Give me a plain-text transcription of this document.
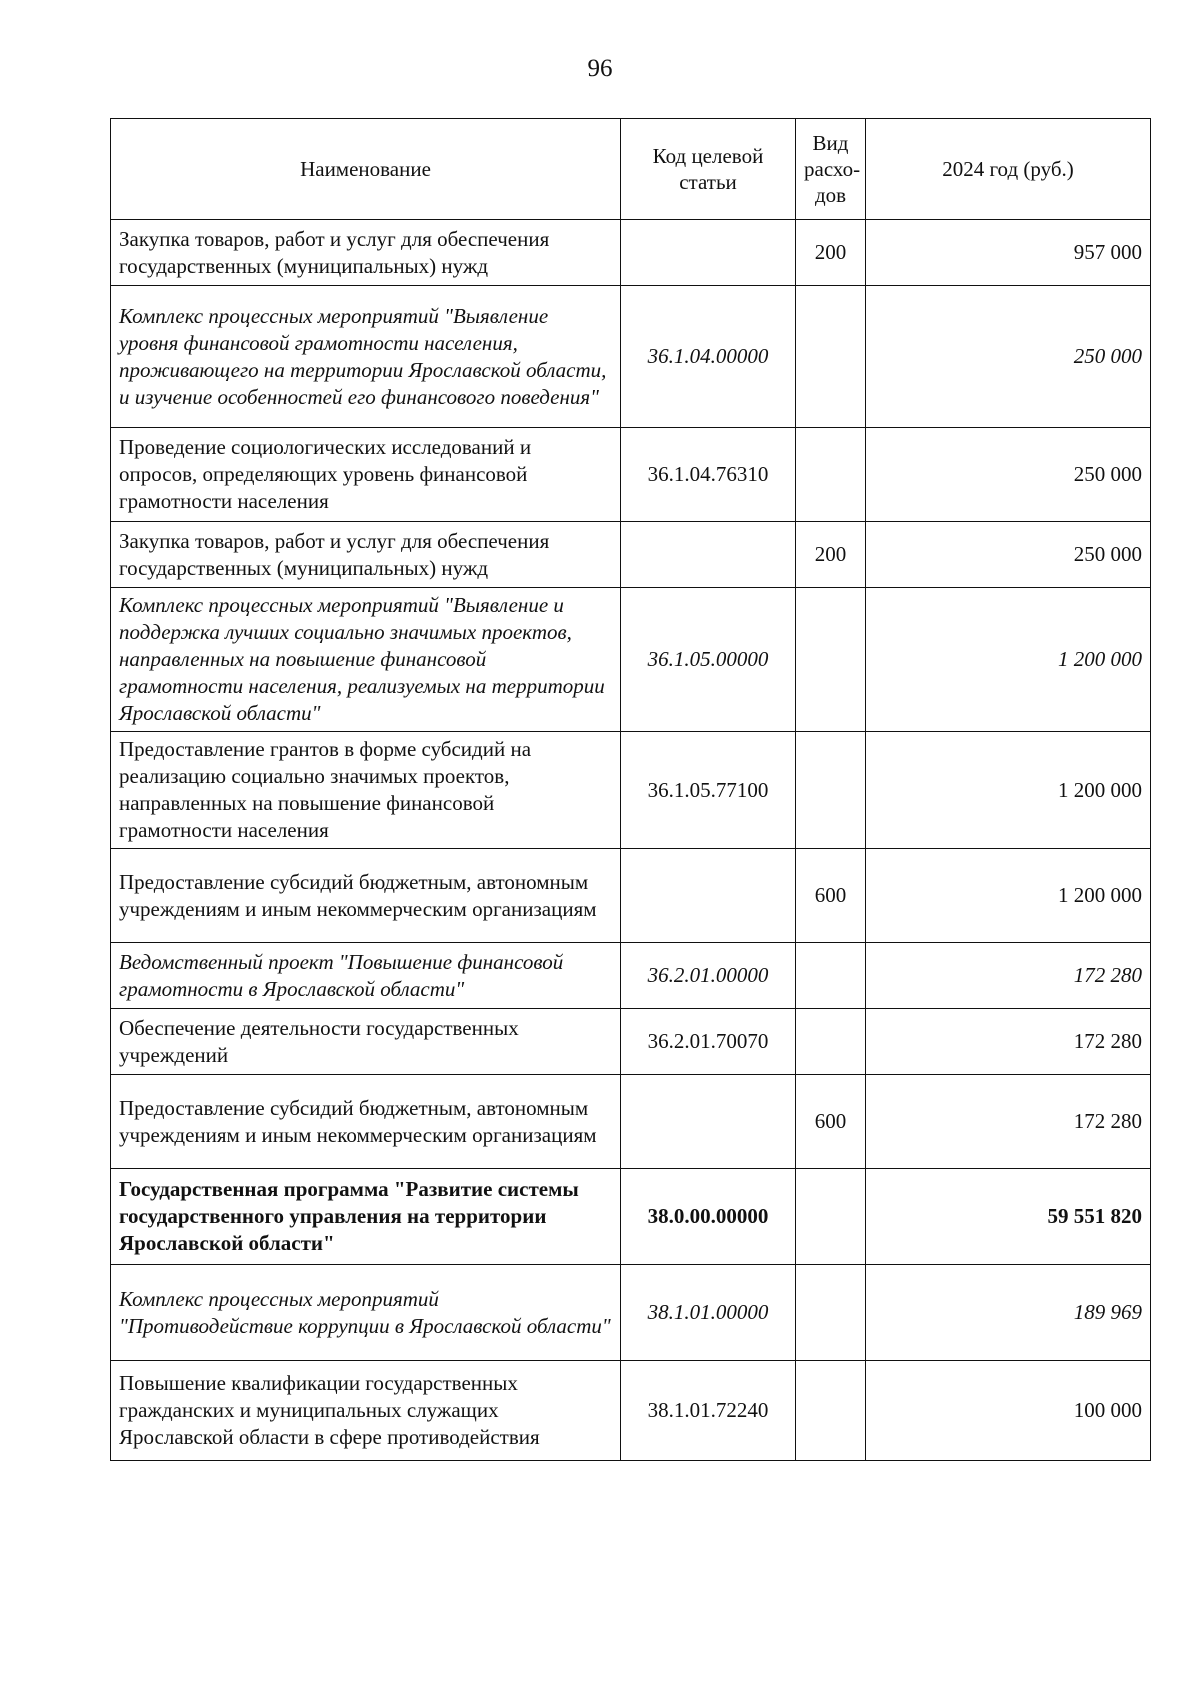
96
Наименование	Код целевой статьи	Вид расхо-дов	2024 год (руб.)
Закупка товаров, работ и услуг для обеспечения государственных (муниципальных) нужд		200	957 000
Комплекс процессных мероприятий "Выявление уровня финансовой грамотности населения, проживающего на территории Ярославской области, и изучение особенностей его финансового поведения"	36.1.04.00000		250 000
Проведение социологических исследований и опросов, определяющих уровень финансовой грамотности населения	36.1.04.76310		250 000
Закупка товаров, работ и услуг для обеспечения государственных (муниципальных) нужд		200	250 000
Комплекс процессных мероприятий "Выявление и поддержка лучших социально значимых проектов, направленных на повышение финансовой грамотности населения, реализуемых на территории Ярославской области"	36.1.05.00000		1 200 000
Предоставление грантов в форме субсидий на реализацию социально значимых проектов, направленных на повышение финансовой грамотности населения	36.1.05.77100		1 200 000
Предоставление субсидий бюджетным, автономным учреждениям и иным некоммерческим организациям		600	1 200 000
Ведомственный проект "Повышение финансовой грамотности в Ярославской области"	36.2.01.00000		172 280
Обеспечение деятельности государственных учреждений	36.2.01.70070		172 280
Предоставление субсидий бюджетным, автономным учреждениям и иным некоммерческим организациям		600	172 280
Государственная программа "Развитие системы государственного управления на территории Ярославской области"	38.0.00.00000		59 551 820
Комплекс процессных мероприятий "Противодействие коррупции в Ярославской области"	38.1.01.00000		189 969
Повышение квалификации государственных гражданских и муниципальных служащих Ярославской области в сфере противодействия	38.1.01.72240		100 000
